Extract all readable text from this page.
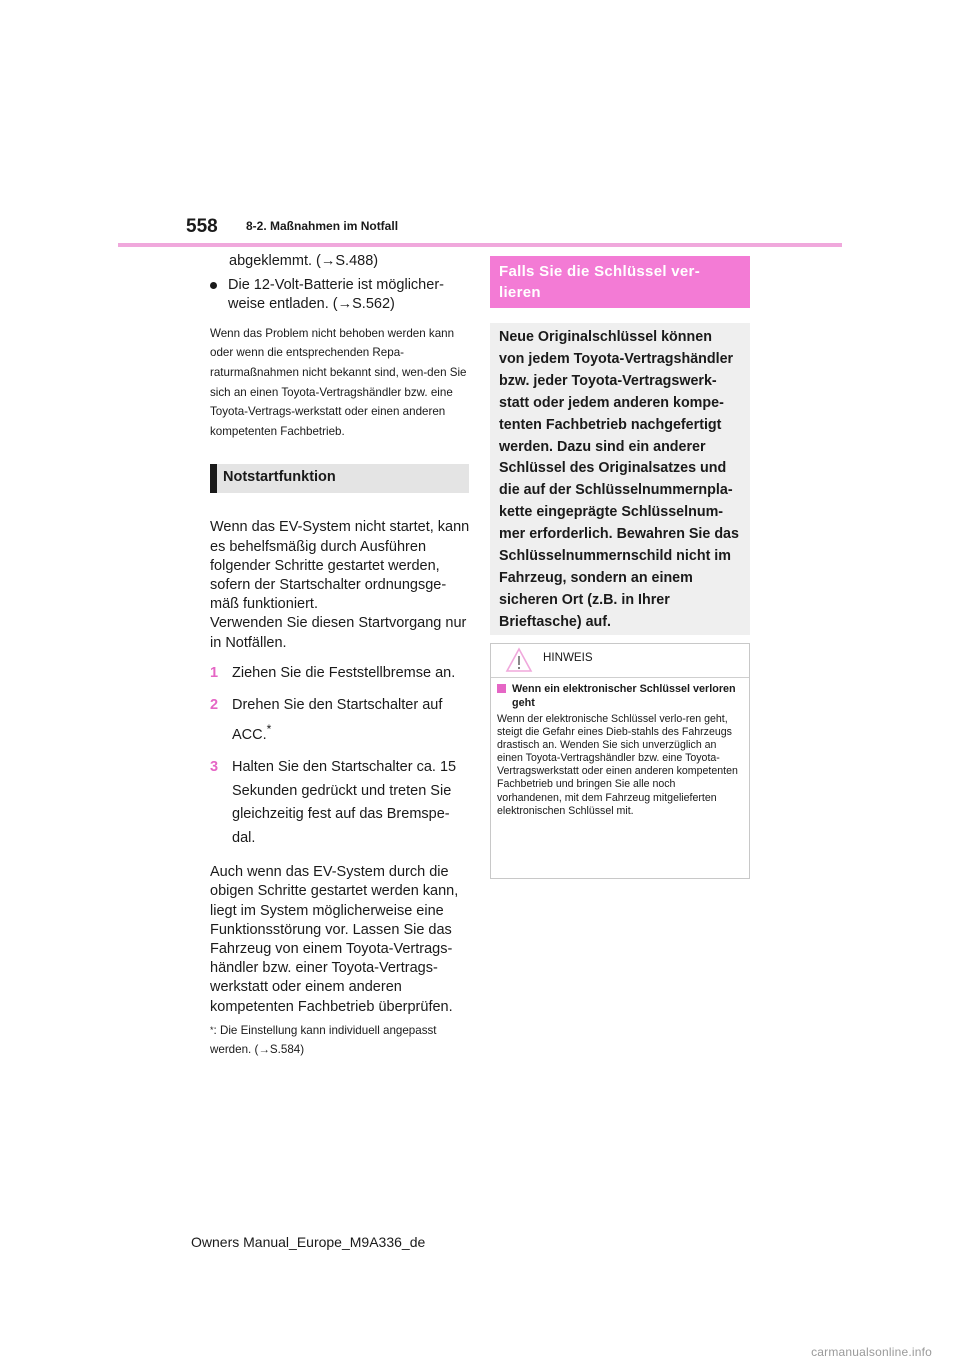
558 8-2. Maßnahmen im Notfall
abgeklemmt. (→S.488)
Die 12-Volt-Batterie ist möglicher-weise entladen. (→S.562)
Wenn das Problem nicht behoben werden kann oder wenn die entsprechenden Repa-raturmaßnahmen nicht bekannt sind, wen-den Sie sich an einen Toyota-Vertragshändler bzw. eine Toyota-Vertrags-werkstatt oder einen anderen kompetenten Fachbetrieb.
Notstartfunktion
Wenn das EV-System nicht startet, kann es behelfsmäßig durch Ausführen folgender Schritte gestartet werden, sofern der Startschalter ordnungsge-mäß funktioniert.
Verwenden Sie diesen Startvorgang nur in Notfällen.
1 Ziehen Sie die Feststellbremse an.
2 Drehen Sie den Startschalter auf ACC.*
3 Halten Sie den Startschalter ca. 15 Sekunden gedrückt und treten Sie gleichzeitig fest auf das Bremspe-dal.
Auch wenn das EV-System durch die obigen Schritte gestartet werden kann, liegt im System möglicherweise eine Funktionsstörung vor. Lassen Sie das Fahrzeug von einem Toyota-Vertrags-händler bzw. einer Toyota-Vertrags-werkstatt oder einem anderen kompetenten Fachbetrieb überprüfen.
*: Die Einstellung kann individuell angepasst werden. (→S.584)
Falls Sie die Schlüssel ver-lieren
Neue Originalschlüssel können von jedem Toyota-Vertragshändler bzw. jeder Toyota-Vertragswerk-statt oder jedem anderen kompe-tenten Fachbetrieb nachgefertigt werden. Dazu sind ein anderer Schlüssel des Originalsatzes und die auf der Schlüsselnummernpla-kette eingeprägte Schlüsselnum-mer erforderlich. Bewahren Sie das Schlüsselnummernschild nicht im Fahrzeug, sondern an einem sicheren Ort (z.B. in Ihrer Brieftasche) auf.
HINWEIS
Wenn ein elektronischer Schlüssel verloren geht
Wenn der elektronische Schlüssel verlo-ren geht, steigt die Gefahr eines Dieb-stahls des Fahrzeugs drastisch an. Wenden Sie sich unverzüglich an einen Toyota-Vertragshändler bzw. eine Toyota-Vertragswerkstatt oder einen anderen kompetenten Fachbetrieb und bringen Sie alle noch vorhandenen, mit dem Fahrzeug mitgelieferten elektronischen Schlüssel mit.
Owners Manual_Europe_M9A336_de
carmanualsonline.info
